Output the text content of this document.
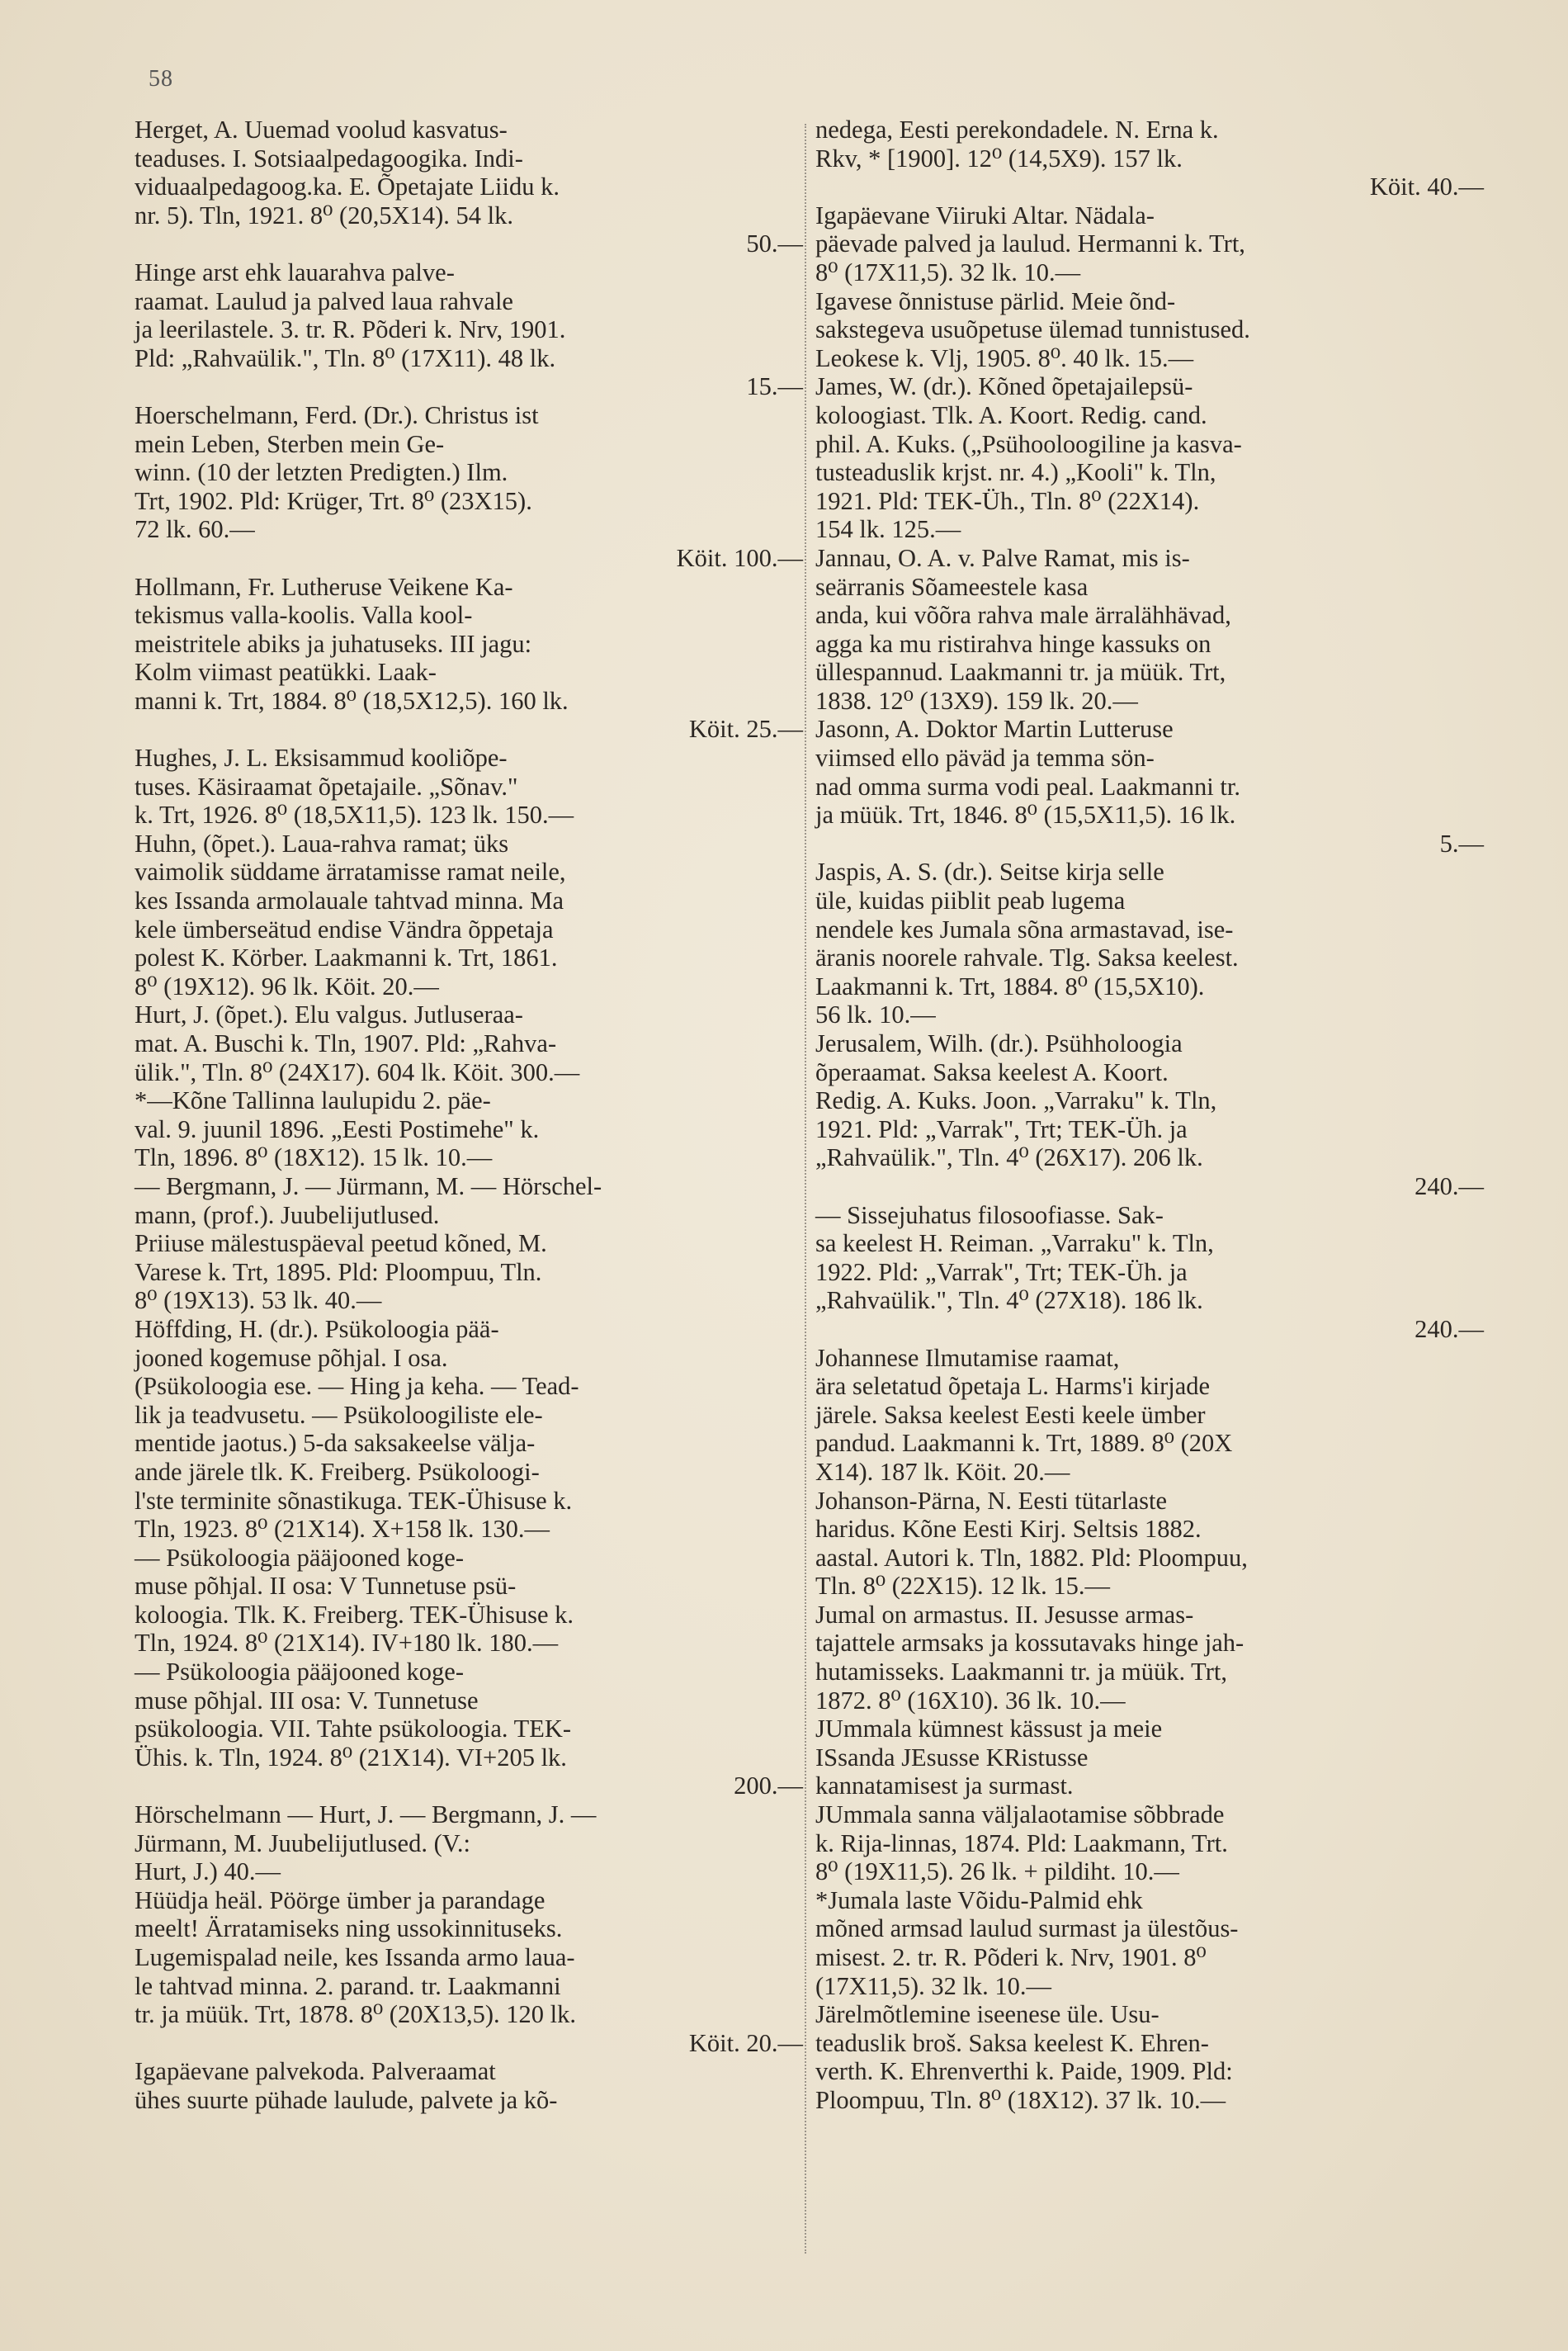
58
Herget, A. Uuemad voolud kasvatus-
teaduses. I. Sotsiaalpedagoogika. Indi-
viduaalpedagoog.ka. E. Õpetajate Liidu k.
nr. 5). Tln, 1921. 8⁰ (20,5X14). 54 lk.
50.—
Hinge arst ehk lauarahva palve-
raamat. Laulud ja palved laua rahvale
ja leerilastele. 3. tr. R. Põderi k. Nrv, 1901.
Pld: „Rahvaülik.", Tln. 8⁰ (17X11). 48 lk.
15.—
Hoerschelmann, Ferd. (Dr.). Christus ist
mein Leben, Sterben mein Ge-
winn. (10 der letzten Predigten.) Ilm.
Trt, 1902. Pld: Krüger, Trt. 8⁰ (23X15).
72 lk. 60.—
Köit. 100.—
Hollmann, Fr. Lutheruse Veikene Ka-
tekismus valla-koolis. Valla kool-
meistritele abiks ja juhatuseks. III jagu:
Kolm viimast peatükki. Laak-
manni k. Trt, 1884. 8⁰ (18,5X12,5). 160 lk.
Köit. 25.—
Hughes, J. L. Eksisammud kooliõpe-
tuses. Käsiraamat õpetajaile. „Sõnav."
k. Trt, 1926. 8⁰ (18,5X11,5). 123 lk. 150.—
Huhn, (õpet.). Laua-rahva ramat; üks
vaimolik süddame ärratamisse ramat neile,
kes Issanda armolauale tahtvad minna. Ma
kele ümberseätud endise Vändra õppetaja
polest K. Körber. Laakmanni k. Trt, 1861.
8⁰ (19X12). 96 lk. Köit. 20.—
Hurt, J. (õpet.). Elu valgus. Jutluseraa-
mat. A. Buschi k. Tln, 1907. Pld: „Rahva-
ülik.", Tln. 8⁰ (24X17). 604 lk. Köit. 300.—
*—Kõne Tallinna laulupidu 2. päe-
val. 9. juunil 1896. „Eesti Postimehe" k.
Tln, 1896. 8⁰ (18X12). 15 lk. 10.—
— Bergmann, J. — Jürmann, M. — Hörschel-
mann, (prof.). Juubelijutlused.
Priiuse mälestuspäeval peetud kõned, M.
Varese k. Trt, 1895. Pld: Ploompuu, Tln.
8⁰ (19X13). 53 lk. 40.—
Höffding, H. (dr.). Psükoloogia pää-
jooned kogemuse põhjal. I osa.
(Psükoloogia ese. — Hing ja keha. — Tead-
lik ja teadvusetu. — Psükoloogiliste ele-
mentide jaotus.) 5-da saksakeelse välja-
ande järele tlk. K. Freiberg. Psükoloogi-
l'ste terminite sõnastikuga. TEK-Ühisuse k.
Tln, 1923. 8⁰ (21X14). X+158 lk. 130.—
— Psükoloogia pääjooned koge-
muse põhjal. II osa: V Tunnetuse psü-
koloogia. Tlk. K. Freiberg. TEK-Ühisuse k.
Tln, 1924. 8⁰ (21X14). IV+180 lk. 180.—
— Psükoloogia pääjooned koge-
muse põhjal. III osa: V. Tunnetuse
psükoloogia. VII. Tahte psükoloogia. TEK-
Ühis. k. Tln, 1924. 8⁰ (21X14). VI+205 lk.
200.—
Hörschelmann — Hurt, J. — Bergmann, J. —
Jürmann, M. Juubelijutlused. (V.:
Hurt, J.) 40.—
Hüüdja heäl. Pöörge ümber ja parandage
meelt! Ärratamiseks ning ussokinnituseks.
Lugemispalad neile, kes Issanda armo laua-
le tahtvad minna. 2. parand. tr. Laakmanni
tr. ja müük. Trt, 1878. 8⁰ (20X13,5). 120 lk.
Köit. 20.—
Igapäevane palvekoda. Palveraamat
ühes suurte pühade laulude, palvete ja kõ-
nedega, Eesti perekondadele. N. Erna k.
Rkv, * [1900]. 12⁰ (14,5X9). 157 lk.
Köit. 40.—
Igapäevane Viiruki Altar. Nädala-
päevade palved ja laulud. Hermanni k. Trt,
8⁰ (17X11,5). 32 lk. 10.—
Igavese õnnistuse pärlid. Meie õnd-
sakstegeva usuõpetuse ülemad tunnistused.
Leokese k. Vlj, 1905. 8⁰. 40 lk. 15.—
James, W. (dr.). Kõned õpetajailepsü-
koloogiast. Tlk. A. Koort. Redig. cand.
phil. A. Kuks. („Psühooloogiline ja kasva-
tusteaduslik krjst. nr. 4.) „Kooli" k. Tln,
1921. Pld: TEK-Üh., Tln. 8⁰ (22X14).
154 lk. 125.—
Jannau, O. A. v. Palve Ramat, mis is-
seärranis Sõameestele kasa
anda, kui võõra rahva male ärralähhävad,
agga ka mu ristirahva hinge kassuks on
üllespannud. Laakmanni tr. ja müük. Trt,
1838. 12⁰ (13X9). 159 lk. 20.—
Jasonn, A. Doktor Martin Lutteruse
viimsed ello päväd ja temma sön-
nad omma surma vodi peal. Laakmanni tr.
ja müük. Trt, 1846. 8⁰ (15,5X11,5). 16 lk.
5.—
Jaspis, A. S. (dr.). Seitse kirja selle
üle, kuidas piiblit peab lugema
nendele kes Jumala sõna armastavad, ise-
äranis noorele rahvale. Tlg. Saksa keelest.
Laakmanni k. Trt, 1884. 8⁰ (15,5X10).
56 lk. 10.—
Jerusalem, Wilh. (dr.). Psühholoogia
õperaamat. Saksa keelest A. Koort.
Redig. A. Kuks. Joon. „Varraku" k. Tln,
1921. Pld: „Varrak", Trt; TEK-Üh. ja
„Rahvaülik.", Tln. 4⁰ (26X17). 206 lk.
240.—
— Sissejuhatus filosoofiasse. Sak-
sa keelest H. Reiman. „Varraku" k. Tln,
1922. Pld: „Varrak", Trt; TEK-Üh. ja
„Rahvaülik.", Tln. 4⁰ (27X18). 186 lk.
240.—
Johannese Ilmutamise raamat,
ära seletatud õpetaja L. Harms'i kirjade
järele. Saksa keelest Eesti keele ümber
pandud. Laakmanni k. Trt, 1889. 8⁰ (20X
X14). 187 lk. Köit. 20.—
Johanson-Pärna, N. Eesti tütarlaste
haridus. Kõne Eesti Kirj. Seltsis 1882.
aastal. Autori k. Tln, 1882. Pld: Ploompuu,
Tln. 8⁰ (22X15). 12 lk. 15.—
Jumal on armastus. II. Jesusse armas-
tajattele armsaks ja kossutavaks hinge jah-
hutamisseks. Laakmanni tr. ja müük. Trt,
1872. 8⁰ (16X10). 36 lk. 10.—
JUmmala kümnest kässust ja meie
ISsanda JEsusse KRistusse
kannatamisest ja surmast.
JUmmala sanna väljalaotamise sõbbrade
k. Rija-linnas, 1874. Pld: Laakmann, Trt.
8⁰ (19X11,5). 26 lk. + pildiht. 10.—
*Jumala laste Võidu-Palmid ehk
mõned armsad laulud surmast ja ülestõus-
misest. 2. tr. R. Põderi k. Nrv, 1901. 8⁰
(17X11,5). 32 lk. 10.—
Järelmõtlemine iseenese üle. Usu-
teaduslik broš. Saksa keelest K. Ehren-
verth. K. Ehrenverthi k. Paide, 1909. Pld:
Ploompuu, Tln. 8⁰ (18X12). 37 lk. 10.—
